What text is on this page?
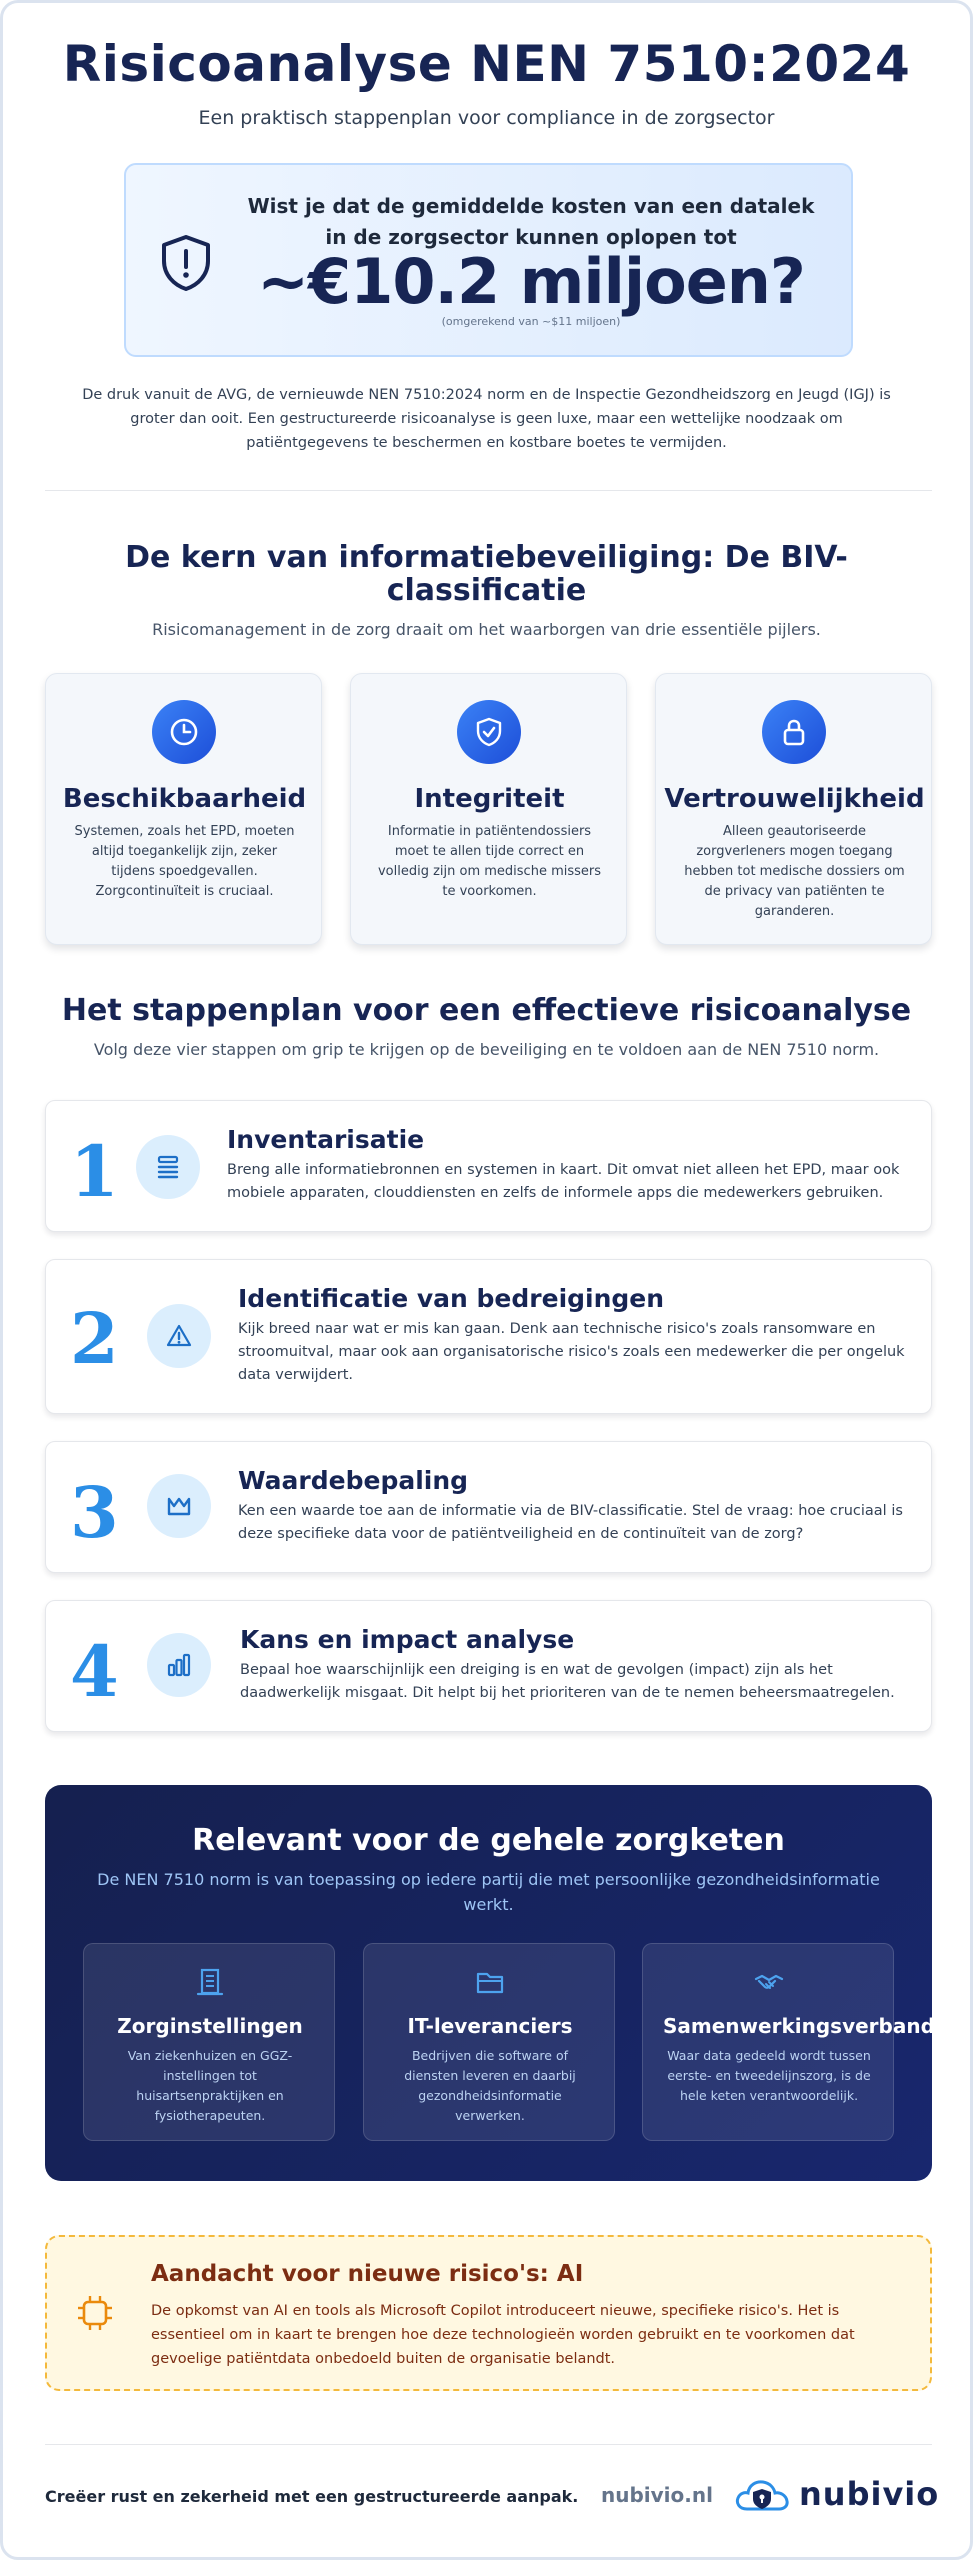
Risicoanalyse NEN 7510:2024

Een praktisch stappenplan voor compliance in de zorgsector

Wist je dat de gemiddelde kosten van een datalek in de zorgsector kunnen oplopen tot
~€10.2 miljoen?
(omgerekend van ~$11 miljoen)

De druk vanuit de AVG, de vernieuwde NEN 7510:2024 norm en de Inspectie Gezondheidszorg en Jeugd (IGJ) is groter dan ooit. Een gestructureerde risicoanalyse is geen luxe, maar een wettelijke noodzaak om patiëntgegevens te beschermen en kostbare boetes te vermijden.

De kern van informatiebeveiliging: De BIV-classificatie

Risicomanagement in de zorg draait om het waarborgen van drie essentiële pijlers.

Beschikbaarheid
Systemen, zoals het EPD, moeten altijd toegankelijk zijn, zeker tijdens spoedgevallen. Zorgcontinuïteit is cruciaal.
Integriteit
Informatie in patiëntendossiers moet te allen tijde correct en volledig zijn om medische missers te voorkomen.
Vertrouwelijkheid
Alleen geautoriseerde zorgverleners mogen toegang hebben tot medische dossiers om de privacy van patiënten te garanderen.
Het stappenplan voor een effectieve risicoanalyse

Volg deze vier stappen om grip te krijgen op de beveiliging en te voldoen aan de NEN 7510 norm.

1	Inventarisatie
Breng alle informatiebronnen en systemen in kaart. Dit omvat niet alleen het EPD, maar ook mobiele apparaten, clouddiensten en zelfs de informele apps die medewerkers gebruiken.
2	Identificatie van bedreigingen
Kijk breed naar wat er mis kan gaan. Denk aan technische risico's zoals ransomware en stroomuitval, maar ook aan organisatorische risico's zoals een medewerker die per ongeluk data verwijdert.
3	Waardebepaling
Ken een waarde toe aan de informatie via de BIV-classificatie. Stel de vraag: hoe cruciaal is deze specifieke data voor de patiëntveiligheid en de continuïteit van de zorg?
4	Kans en impact analyse
Bepaal hoe waarschijnlijk een dreiging is en wat de gevolgen (impact) zijn als het daadwerkelijk misgaat. Dit helpt bij het prioriteren van de te nemen beheersmaatregelen.
Relevant voor de gehele zorgketen
De NEN 7510 norm is van toepassing op iedere partij die met persoonlijke gezondheidsinformatie werkt.
Zorginstellingen
Van ziekenhuizen en GGZ-instellingen tot huisartsenpraktijken en fysiotherapeuten.
IT-leveranciers
Bedrijven die software of diensten leveren en daarbij gezondheidsinformatie verwerken.
Samenwerkingsverbanden
Waar data gedeeld wordt tussen eerste- en tweedelijnszorg, is de hele keten verantwoordelijk.
Aandacht voor nieuwe risico's: AI
De opkomst van AI en tools als Microsoft Copilot introduceert nieuwe, specifieke risico's. Het is essentieel om in kaart te brengen hoe deze technologieën worden gebruikt en te voorkomen dat gevoelige patiëntdata onbedoeld buiten de organisatie belandt.
Creëer rust en zekerheid met een gestructureerde aanpak. nubivio.nl	nubivio
